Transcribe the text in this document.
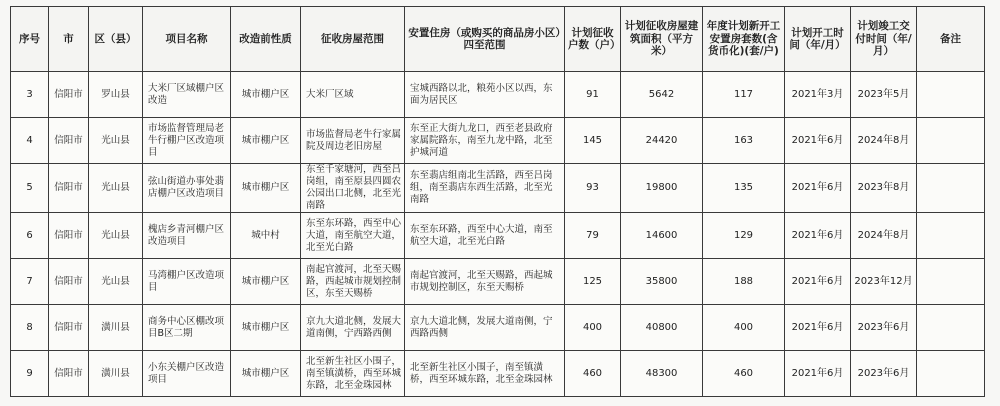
序号	市	区（县）	项目名称	改造前性质	征收房屋范围	安置住房（或购买的商品房小区）四至范围	计划征收户数（户）	计划征收房屋建筑面积（平方米）	年度计划新开工安置房套数(含货币化)(套/户)	计划开工时间（年/月）	计划竣工交付时间（年/月）	备注
3	信阳市	罗山县	大米厂区域棚户区改造	城市棚户区	大米厂区域	宝城西路以北，粮苑小区以西，东面为居民区	91	5642	117	2021年3月	2023年5月	
4	信阳市	光山县	市场监督管理局老牛行棚户区改造项目	城市棚户区	市场监督局老牛行家属院及周边老旧房屋	东至正大街九龙口，西至老县政府家属院路东，南至九龙中路，北至护城河道	145	24420	163	2021年6月	2024年8月	
5	信阳市	光山县	弦山街道办事处翡店棚户区改造项目	城市棚户区	东至千家塘河，西至吕岗组，南至原县四圆农公园出口北侧，北至光南路	东至翡店组南北生活路，西至吕岗组，南至翡店东西生活路，北至光南路	93	19800	135	2021年6月	2023年8月	
6	信阳市	光山县	槐店乡青河棚户区改造项目	城中村	东至东环路，西至中心大道，南至航空大道，北至光白路	东至东环路，西至中心大道，南至航空大道，北至光白路	79	14600	129	2021年6月	2024年8月	
7	信阳市	光山县	马湾棚户区改造项目	城市棚户区	南起官渡河，北至天赐路，西起城市规划控制区，东至天赐桥	南起官渡河，北至天赐路，西起城市规划控制区，东至天赐桥	125	35800	188	2021年6月	2023年12月	
8	信阳市	潢川县	商务中心区棚改项目B区二期	城市棚户区	京九大道北侧，发展大道南侧，宁西路西侧	京九大道北侧，发展大道南侧，宁西路西侧	400	40800	400	2021年6月	2023年6月	
9	信阳市	潢川县	小东关棚户区改造项目	城市棚户区	北至新生社区小围子，南至镇潢桥，西至环城东路，北至金珠园林	北至新生社区小围子，南至镇潢桥，西至环城东路，北至金珠园林	460	48300	460	2021年6月	2023年6月	
